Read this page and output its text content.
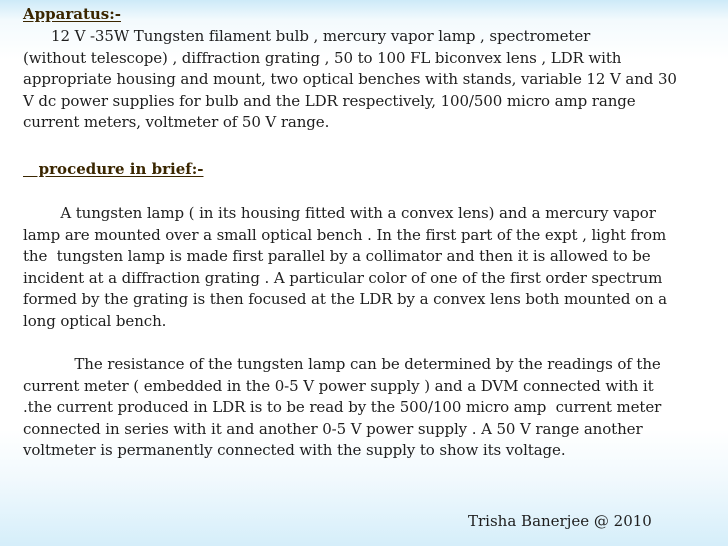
Apparatus:-
12 V -35W Tungsten filament bulb , mercury vapor lamp , spectrometer
(without telescope) , diffraction grating , 50 to 100 FL biconvex lens , LDR with
appropriate housing and mount, two optical benches with stands, variable 12 V and 30
V dc power supplies for bulb and the LDR respectively, 100/500 micro amp range
current meters, voltmeter of 50 V range.
procedure in brief:-
A tungsten lamp ( in its housing fitted with a convex lens) and a mercury vapor
lamp are mounted over a small optical bench . In the first part of the expt , light from
the  tungsten lamp is made first parallel by a collimator and then it is allowed to be
incident at a diffraction grating . A particular color of one of the first order spectrum
formed by the grating is then focused at the LDR by a convex lens both mounted on a
long optical bench.
The resistance of the tungsten lamp can be determined by the readings of the
current meter ( embedded in the 0-5 V power supply ) and a DVM connected with it
.the current produced in LDR is to be read by the 500/100 micro amp  current meter
connected in series with it and another 0-5 V power supply . A 50 V range another
voltmeter is permanently connected with the supply to show its voltage.
Trisha Banerjee @ 2010
